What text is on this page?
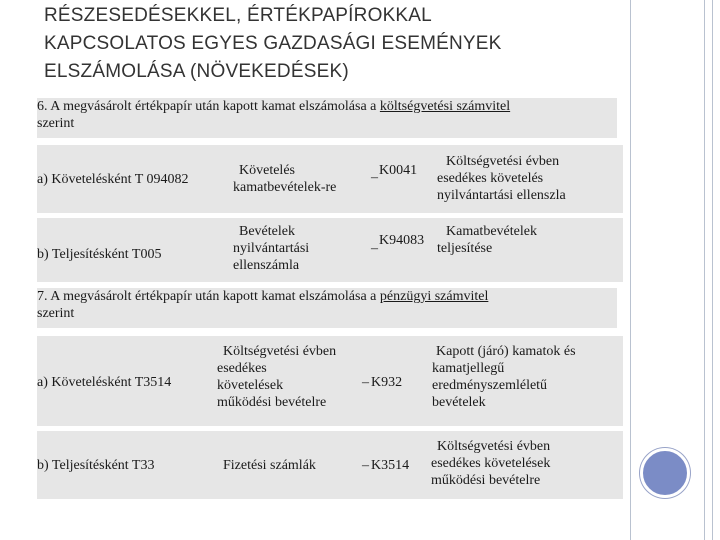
RÉSZESEDÉSEKKEL, ÉRTÉKPAPÍROKKAL
KAPCSOLATOS EGYES GAZDASÁGI ESEMÉNYEK
ELSZÁMOLÁSA (NÖVEKEDÉSEK)
6. A megvásárolt értékpapír után kapott kamat elszámolása a költségvetési számvitel
szerint
a) Követelésként T 094082
Követelés
kamatbevételek-re
– K0041
Költségvetési évben
esedékes követelés
nyilvántartási ellenszla
b) Teljesítésként T005
Bevételek
nyilvántartási
ellenszámla
–
K94083
Kamatbevételek
teljesítése
7. A megvásárolt értékpapír után kapott kamat elszámolása a pénzügyi számvitel
szerint
a) Követelésként T3514
Költségvetési évben
esedékes
követelések
működési bevételre
– K932
Kapott (járó) kamatok és
kamatjellegű
eredményszemléletű
bevételek
b) Teljesítésként T33	Fizetési számlák	– K3514
Költségvetési évben
esedékes követelések
működési bevételre
